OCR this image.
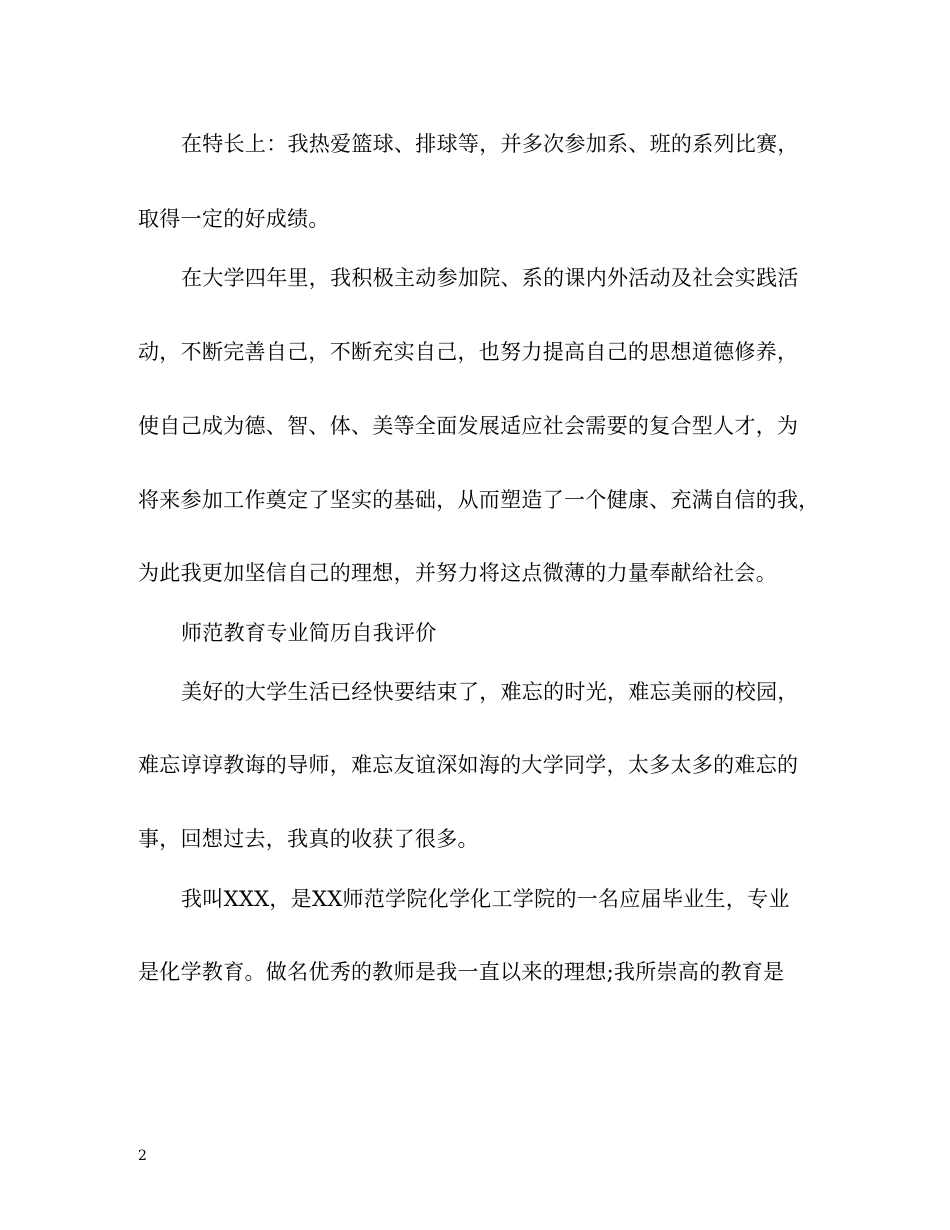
在特长上：我热爱篮球、排球等，并多次参加系、班的系列比赛，
取得一定的好成绩。
在大学四年里，我积极主动参加院、系的课内外活动及社会实践活
动，不断完善自己，不断充实自己，也努力提高自己的思想道德修养，
使自己成为德、智、体、美等全面发展适应社会需要的复合型人才，为
将来参加工作奠定了坚实的基础，从而塑造了一个健康、充满自信的我，
为此我更加坚信自己的理想，并努力将这点微薄的力量奉献给社会。
师范教育专业简历自我评价
美好的大学生活已经快要结束了，难忘的时光，难忘美丽的校园，
难忘谆谆教诲的导师，难忘友谊深如海的大学同学，太多太多的难忘的
事，回想过去，我真的收获了很多。
我叫XXX，是XX师范学院化学化工学院的一名应届毕业生，专业
是化学教育。做名优秀的教师是我一直以来的理想;我所崇高的教育是
2
